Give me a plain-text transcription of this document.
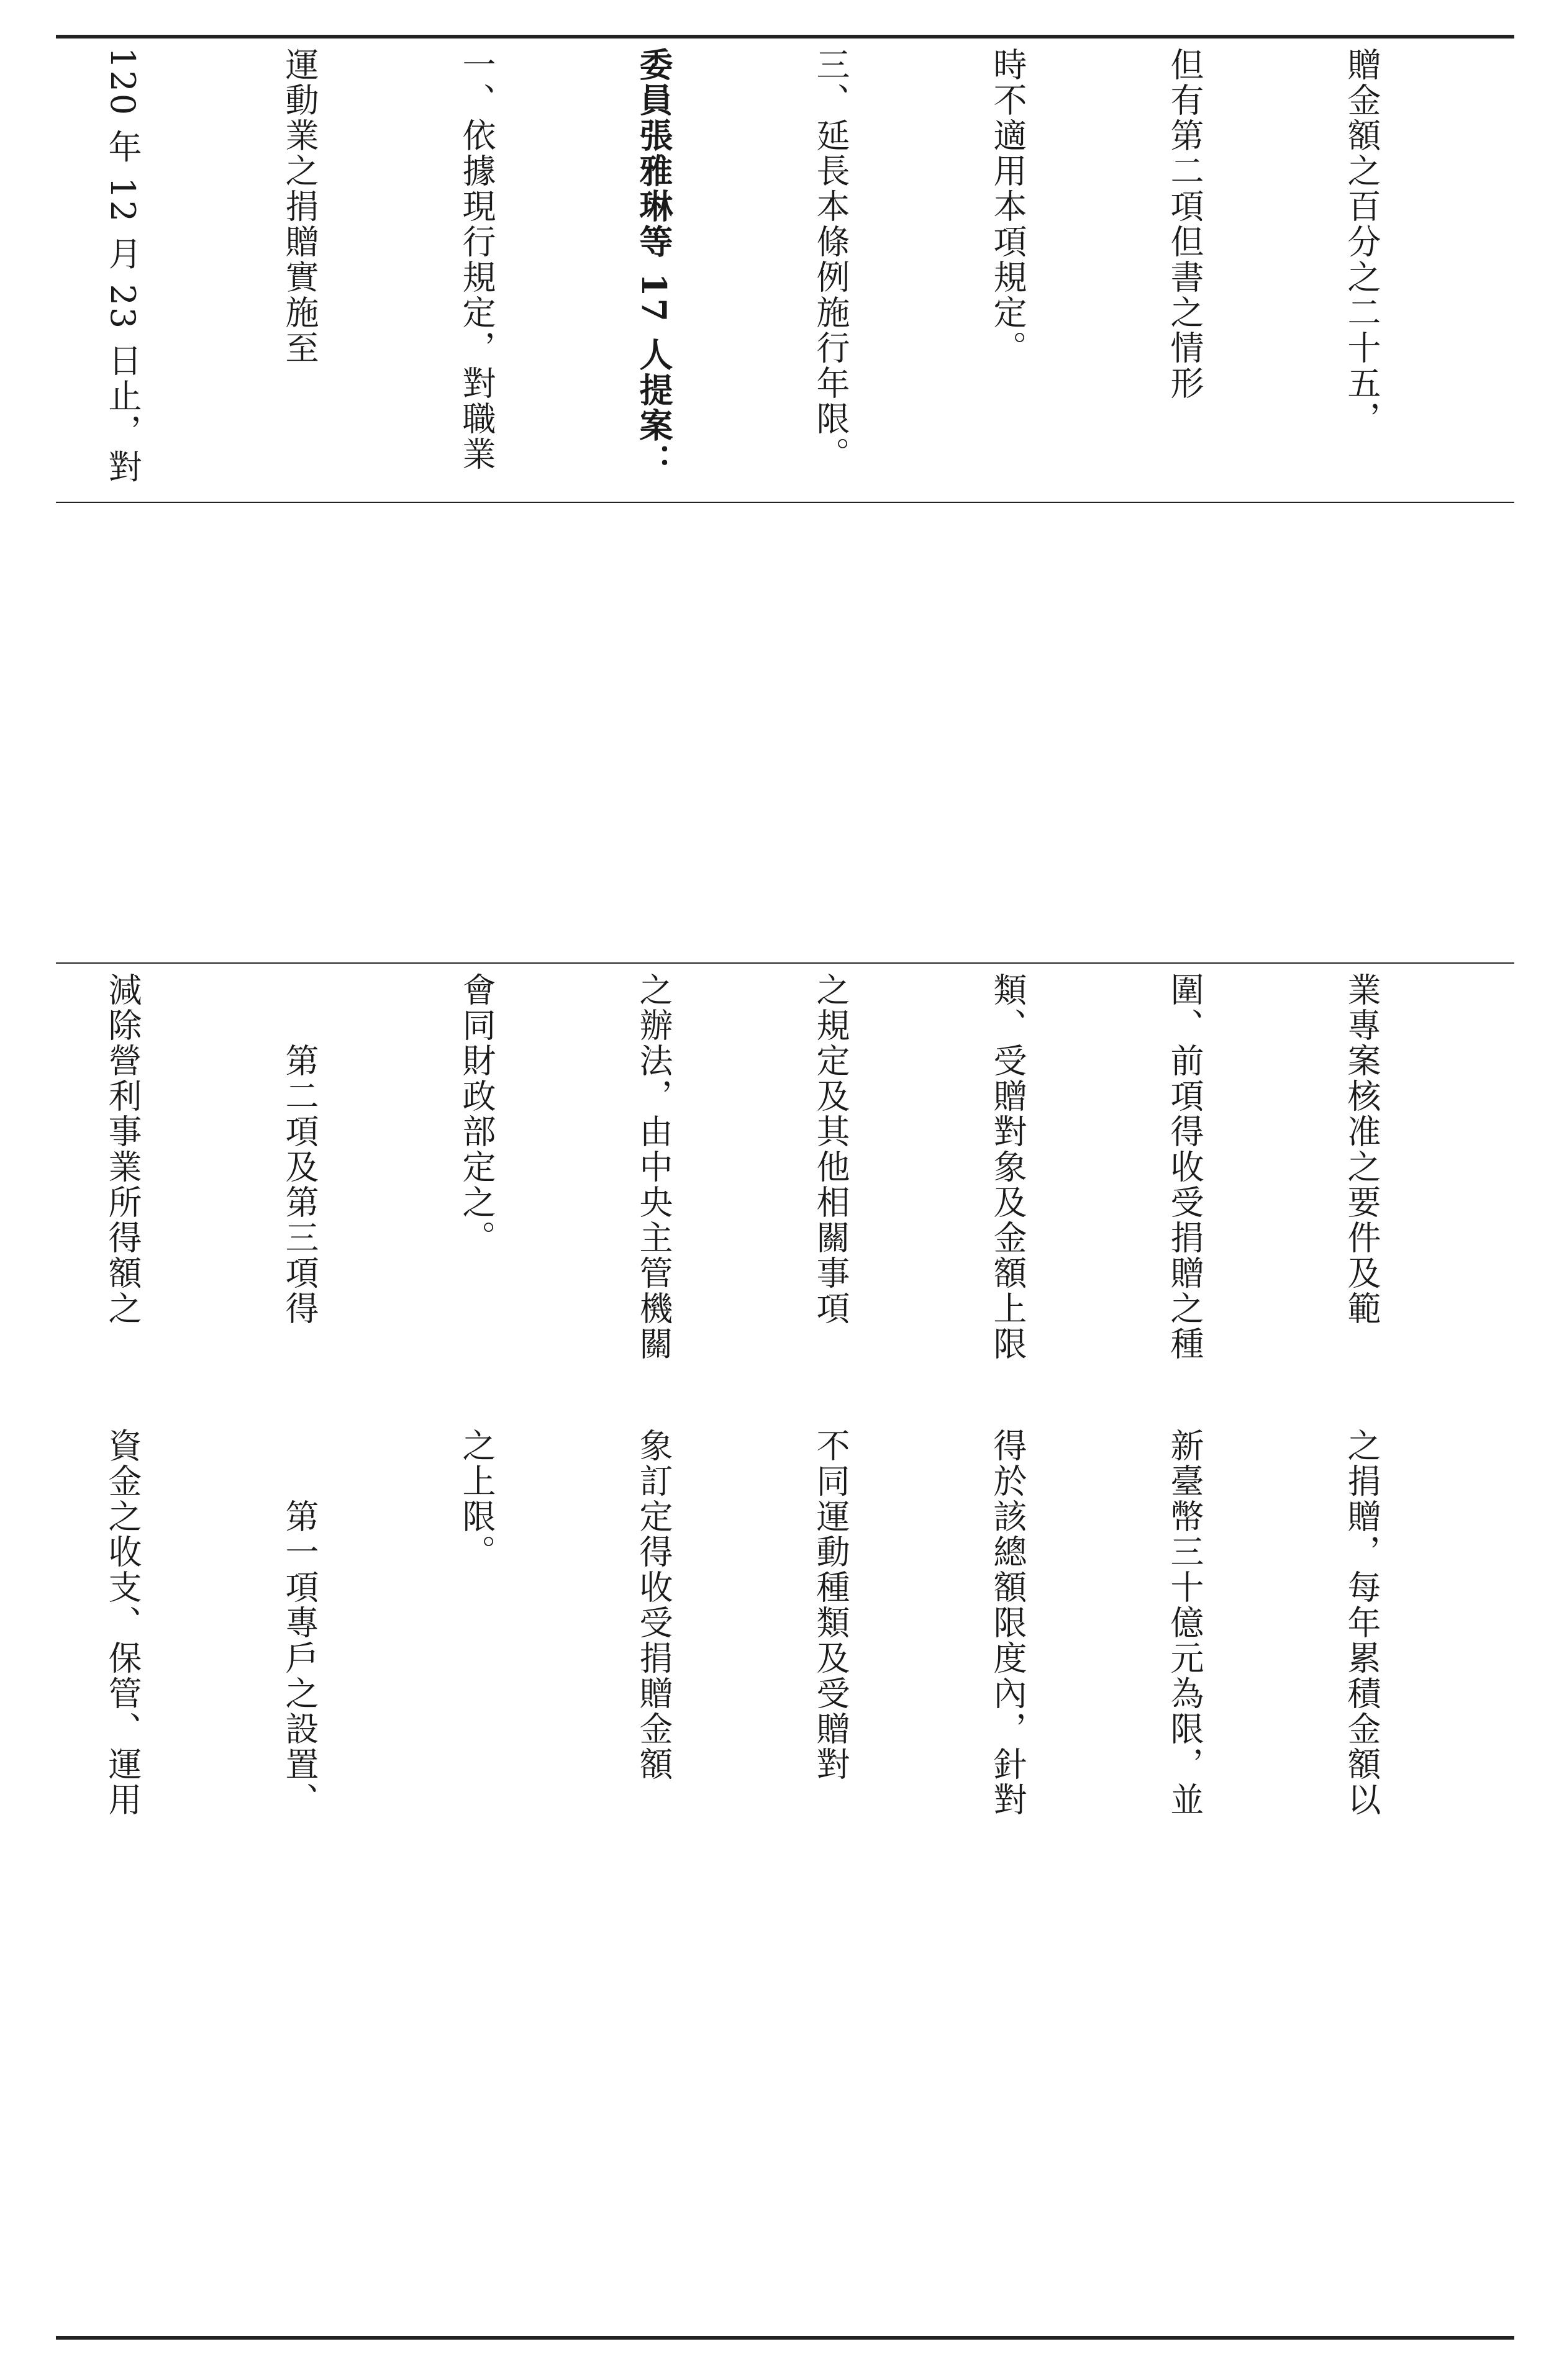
贈金額之百分之二十五，

但有第二項但書之情形

時不適用本項規定。

三、延長本條例施行年限。

委員張雅琳等 17 人提案：

一、依據現行規定，對職業

運動業之捐贈實施至

120 年 12 月 23 日止，對

業專案核准之要件及範

圍、前項得收受捐贈之種

類、受贈對象及金額上限

之規定及其他相關事項

之辦法，由中央主管機關

會同財政部定之。

　　第二項及第三項得

減除營利事業所得額之

之捐贈，每年累積金額以

新臺幣三十億元為限，並

得於該總額限度內，針對

不同運動種類及受贈對

象訂定得收受捐贈金額

之上限。

　　第一項專戶之設置、

資金之收支、保管、運用
